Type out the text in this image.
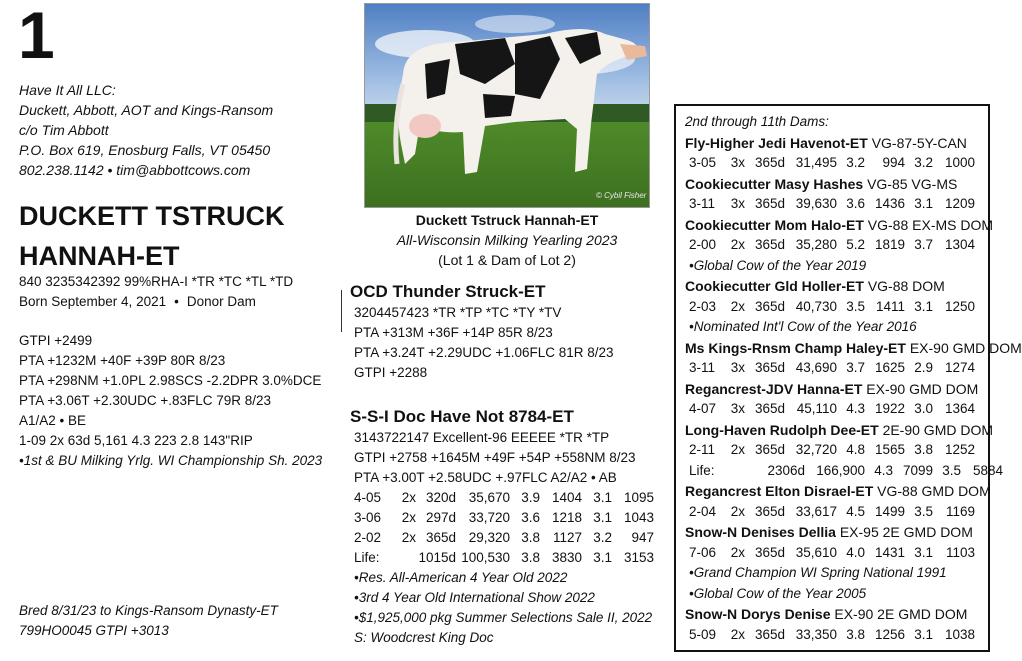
1
Have It All LLC:
Duckett, Abbott, AOT and Kings-Ransom
c/o Tim Abbott
P.O. Box 619, Enosburg Falls, VT 05450
802.238.1142 • tim@abbottcows.com
DUCKETT TSTRUCK
HANNAH-ET
840 3235342392 99%RHA-I *TR *TC *TL *TD
Born September 4, 2021 • Donor Dam
GTPI +2499
PTA +1232M +40F +39P 80R 8/23
PTA +298NM +1.0PL 2.98SCS -2.2DPR 3.0%DCE
PTA +3.06T +2.30UDC +.83FLC 79R 8/23
A1/A2 • BE
1-09 2x 63d 5,161 4.3 223 2.8 143"RIP
•1st & BU Milking Yrlg. WI Championship Sh. 2023
Bred 8/31/23 to Kings-Ransom Dynasty-ET
799HO0045 GTPI +3013
© Cybil Fisher
Duckett Tstruck Hannah-ET
All-Wisconsin Milking Yearling 2023
(Lot 1 & Dam of Lot 2)
OCD Thunder Struck-ET
3204457423 *TR *TP *TC *TY *TV
PTA +313M +36F +14P 85R 8/23
PTA +3.24T +2.29UDC +1.06FLC 81R 8/23
GTPI +2288
S-S-I Doc Have Not 8784-ET
3143722147 Excellent-96 EEEEE *TR *TP
GTPI +2758 +1645M +49F +54P +558NM 8/23
PTA +3.00T +2.58UDC +.97FLC A2/A2 • AB
4-05 2x 320d 35,670 3.9 1404 3.1 1095
3-06 2x 297d 33,720 3.6 1218 3.1 1043
2-02 2x 365d 29,320 3.8 1127 3.2 947
Life:	1015d 100,530 3.8 3830 3.1 3153
•Res. All-American 4 Year Old 2022
•3rd 4 Year Old International Show 2022
•$1,925,000 pkg Summer Selections Sale II, 2022
S: Woodcrest King Doc
2nd through 11th Dams:
Fly-Higher Jedi Havenot-ET VG-87-5Y-CAN
3-05 3x 365d 31,495 3.2 994 3.2 1000
Cookiecutter Masy Hashes VG-85 VG-MS
3-11 3x 365d 39,630 3.6 1436 3.1 1209
Cookiecutter Mom Halo-ET VG-88 EX-MS DOM
2-00 2x 365d 35,280 5.2 1819 3.7 1304
•Global Cow of the Year 2019
Cookiecutter Gld Holler-ET VG-88 DOM
2-03 2x 365d 40,730 3.5 1411 3.1 1250
•Nominated Int'l Cow of the Year 2016
Ms Kings-Rnsm Champ Haley-ET EX-90 GMD DOM
3-11 3x 365d 43,690 3.7 1625 2.9 1274
Regancrest-JDV Hanna-ET EX-90 GMD DOM
4-07 3x 365d 45,110 4.3 1922 3.0 1364
Long-Haven Rudolph Dee-ET 2E-90 GMD DOM
2-11 2x 365d 32,720 4.8 1565 3.8 1252
Life:	2306d 166,900 4.3 7099 3.5 5884
Regancrest Elton Disrael-ET VG-88 GMD DOM
2-04 2x 365d 33,617 4.5 1499 3.5 1169
Snow-N Denises Dellia EX-95 2E GMD DOM
7-06 2x 365d 35,610 4.0 1431 3.1 1103
•Grand Champion WI Spring National 1991
•Global Cow of the Year 2005
Snow-N Dorys Denise EX-90 2E GMD DOM
5-09 2x 365d 33,350 3.8 1256 3.1 1038
